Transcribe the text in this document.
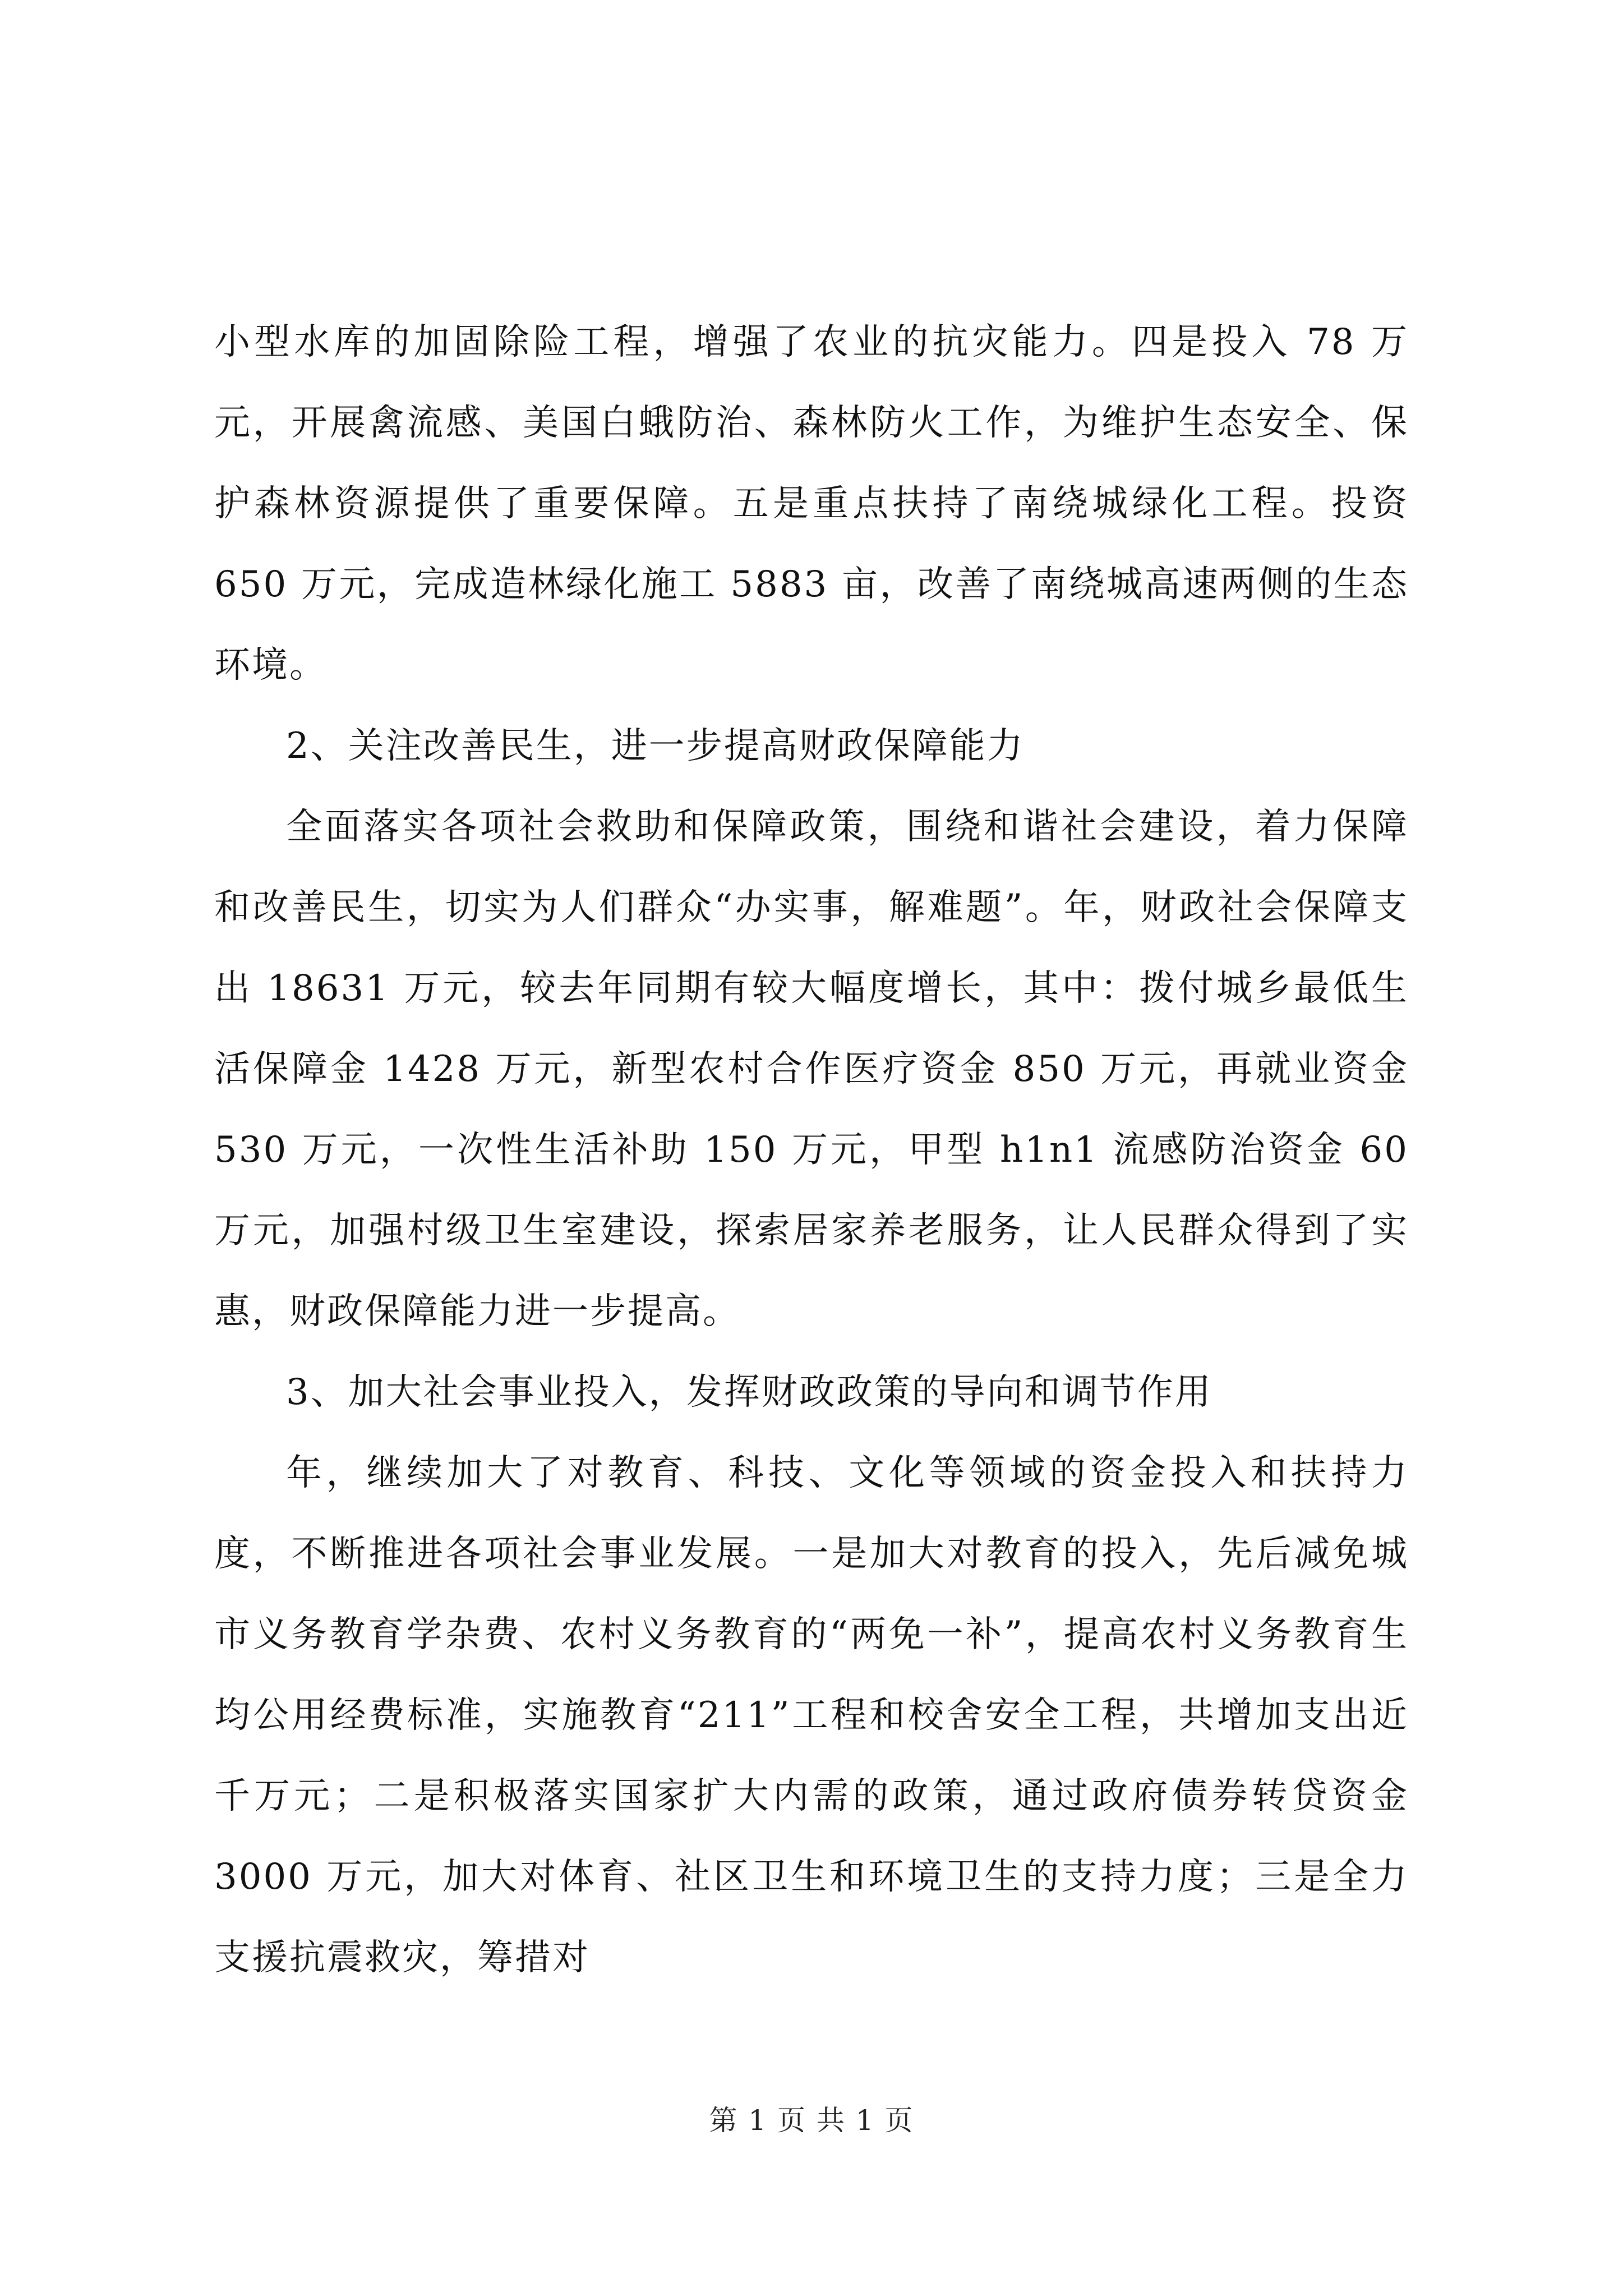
小型水库的加固除险工程，增强了农业的抗灾能力。四是投入 78 万元，开展禽流感、美国白蛾防治、森林防火工作，为维护生态安全、保护森林资源提供了重要保障。五是重点扶持了南绕城绿化工程。投资 650 万元，完成造林绿化施工 5883 亩，改善了南绕城高速两侧的生态环境。

2、关注改善民生，进一步提高财政保障能力

全面落实各项社会救助和保障政策，围绕和谐社会建设，着力保障和改善民生，切实为人们群众“办实事，解难题”。年，财政社会保障支出 18631 万元，较去年同期有较大幅度增长，其中：拨付城乡最低生活保障金 1428 万元，新型农村合作医疗资金 850 万元，再就业资金 530 万元，一次性生活补助 150 万元，甲型 h1n1 流感防治资金 60 万元，加强村级卫生室建设，探索居家养老服务，让人民群众得到了实惠，财政保障能力进一步提高。

3、加大社会事业投入，发挥财政政策的导向和调节作用

年，继续加大了对教育、科技、文化等领域的资金投入和扶持力度，不断推进各项社会事业发展。一是加大对教育的投入，先后减免城市义务教育学杂费、农村义务教育的“两免一补”，提高农村义务教育生均公用经费标准，实施教育“211”工程和校舍安全工程，共增加支出近千万元；二是积极落实国家扩大内需的政策，通过政府债券转贷资金 3000 万元，加大对体育、社区卫生和环境卫生的支持力度；三是全力支援抗震救灾，筹措对

第 1 页 共 1 页
